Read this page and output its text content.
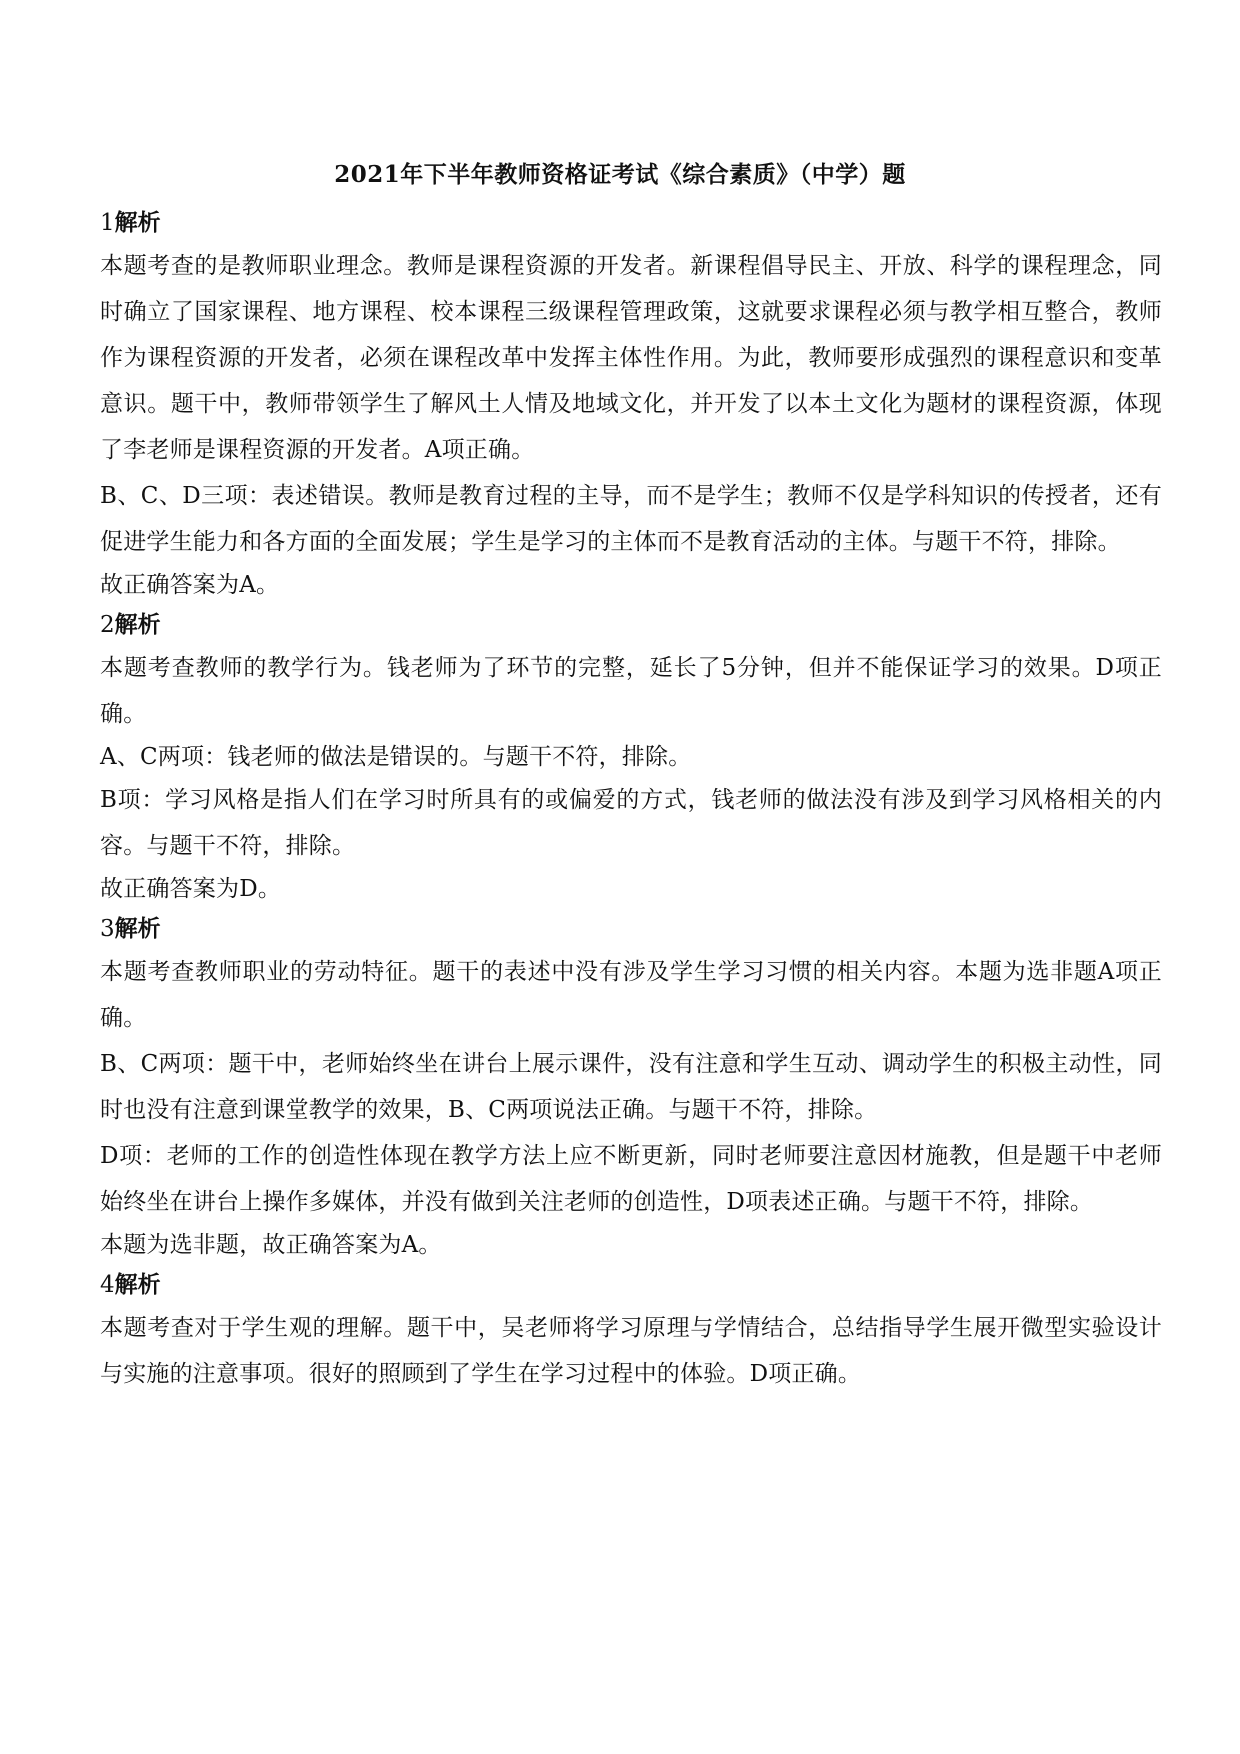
2021年下半年教师资格证考试《综合素质》（中学）题
1解析

本题考查的是教师职业理念。教师是课程资源的开发者。新课程倡导民主、开放、科学的课程理念，同时确立了国家课程、地方课程、校本课程三级课程管理政策，这就要求课程必须与教学相互整合，教师作为课程资源的开发者，必须在课程改革中发挥主体性作用。为此，教师要形成强烈的课程意识和变革意识。题干中，教师带领学生了解风土人情及地域文化，并开发了以本土文化为题材的课程资源，体现了李老师是课程资源的开发者。A项正确。

B、C、D三项：表述错误。教师是教育过程的主导，而不是学生；教师不仅是学科知识的传授者，还有促进学生能力和各方面的全面发展；学生是学习的主体而不是教育活动的主体。与题干不符，排除。

故正确答案为A。

2解析

本题考查教师的教学行为。钱老师为了环节的完整，延长了5分钟，但并不能保证学习的效果。D项正确。

A、C两项：钱老师的做法是错误的。与题干不符，排除。

B项：学习风格是指人们在学习时所具有的或偏爱的方式，钱老师的做法没有涉及到学习风格相关的内容。与题干不符，排除。

故正确答案为D。

3解析

本题考查教师职业的劳动特征。题干的表述中没有涉及学生学习习惯的相关内容。本题为选非题A项正确。

B、C两项：题干中，老师始终坐在讲台上展示课件，没有注意和学生互动、调动学生的积极主动性，同时也没有注意到课堂教学的效果，B、C两项说法正确。与题干不符，排除。

D项：老师的工作的创造性体现在教学方法上应不断更新，同时老师要注意因材施教，但是题干中老师始终坐在讲台上操作多媒体，并没有做到关注老师的创造性，D项表述正确。与题干不符，排除。

本题为选非题，故正确答案为A。

4解析

本题考查对于学生观的理解。题干中，吴老师将学习原理与学情结合，总结指导学生展开微型实验设计与实施的注意事项。很好的照顾到了学生在学习过程中的体验。D项正确。
